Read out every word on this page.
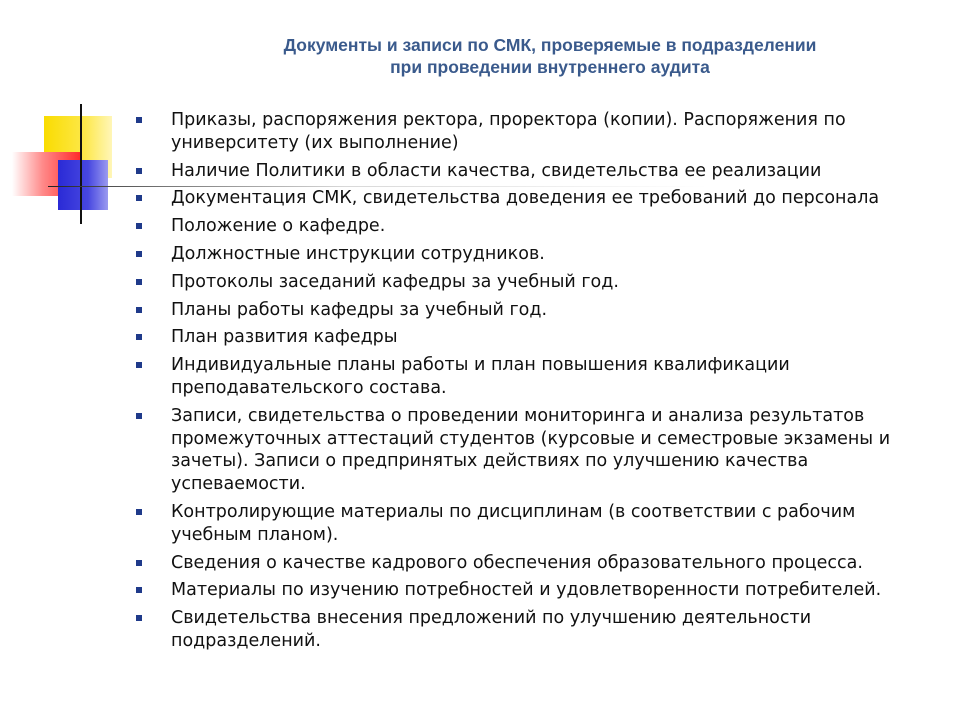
Документы и записи по СМК, проверяемые в подразделении
при проведении внутреннего аудита
Приказы, распоряжения ректора, проректора (копии). Распоряжения по университету (их выполнение)
Наличие Политики в области качества, свидетельства ее реализации
Документация СМК, свидетельства доведения ее требований до персонала
Положение о кафедре.
Должностные инструкции сотрудников.
Протоколы заседаний кафедры за учебный год.
Планы работы кафедры за учебный год.
План развития кафедры
Индивидуальные планы работы и план повышения квалификации преподавательского состава.
Записи, свидетельства о проведении мониторинга и анализа результатов промежуточных аттестаций студентов (курсовые и семестровые экзамены и зачеты). Записи о предпринятых действиях по улучшению качества успеваемости.
Контролирующие материалы по дисциплинам (в соответствии с рабочим учебным планом).
Сведения о качестве кадрового обеспечения образовательного процесса.
Материалы по изучению потребностей и удовлетворенности потребителей.
Свидетельства внесения предложений по улучшению деятельности подразделений.
